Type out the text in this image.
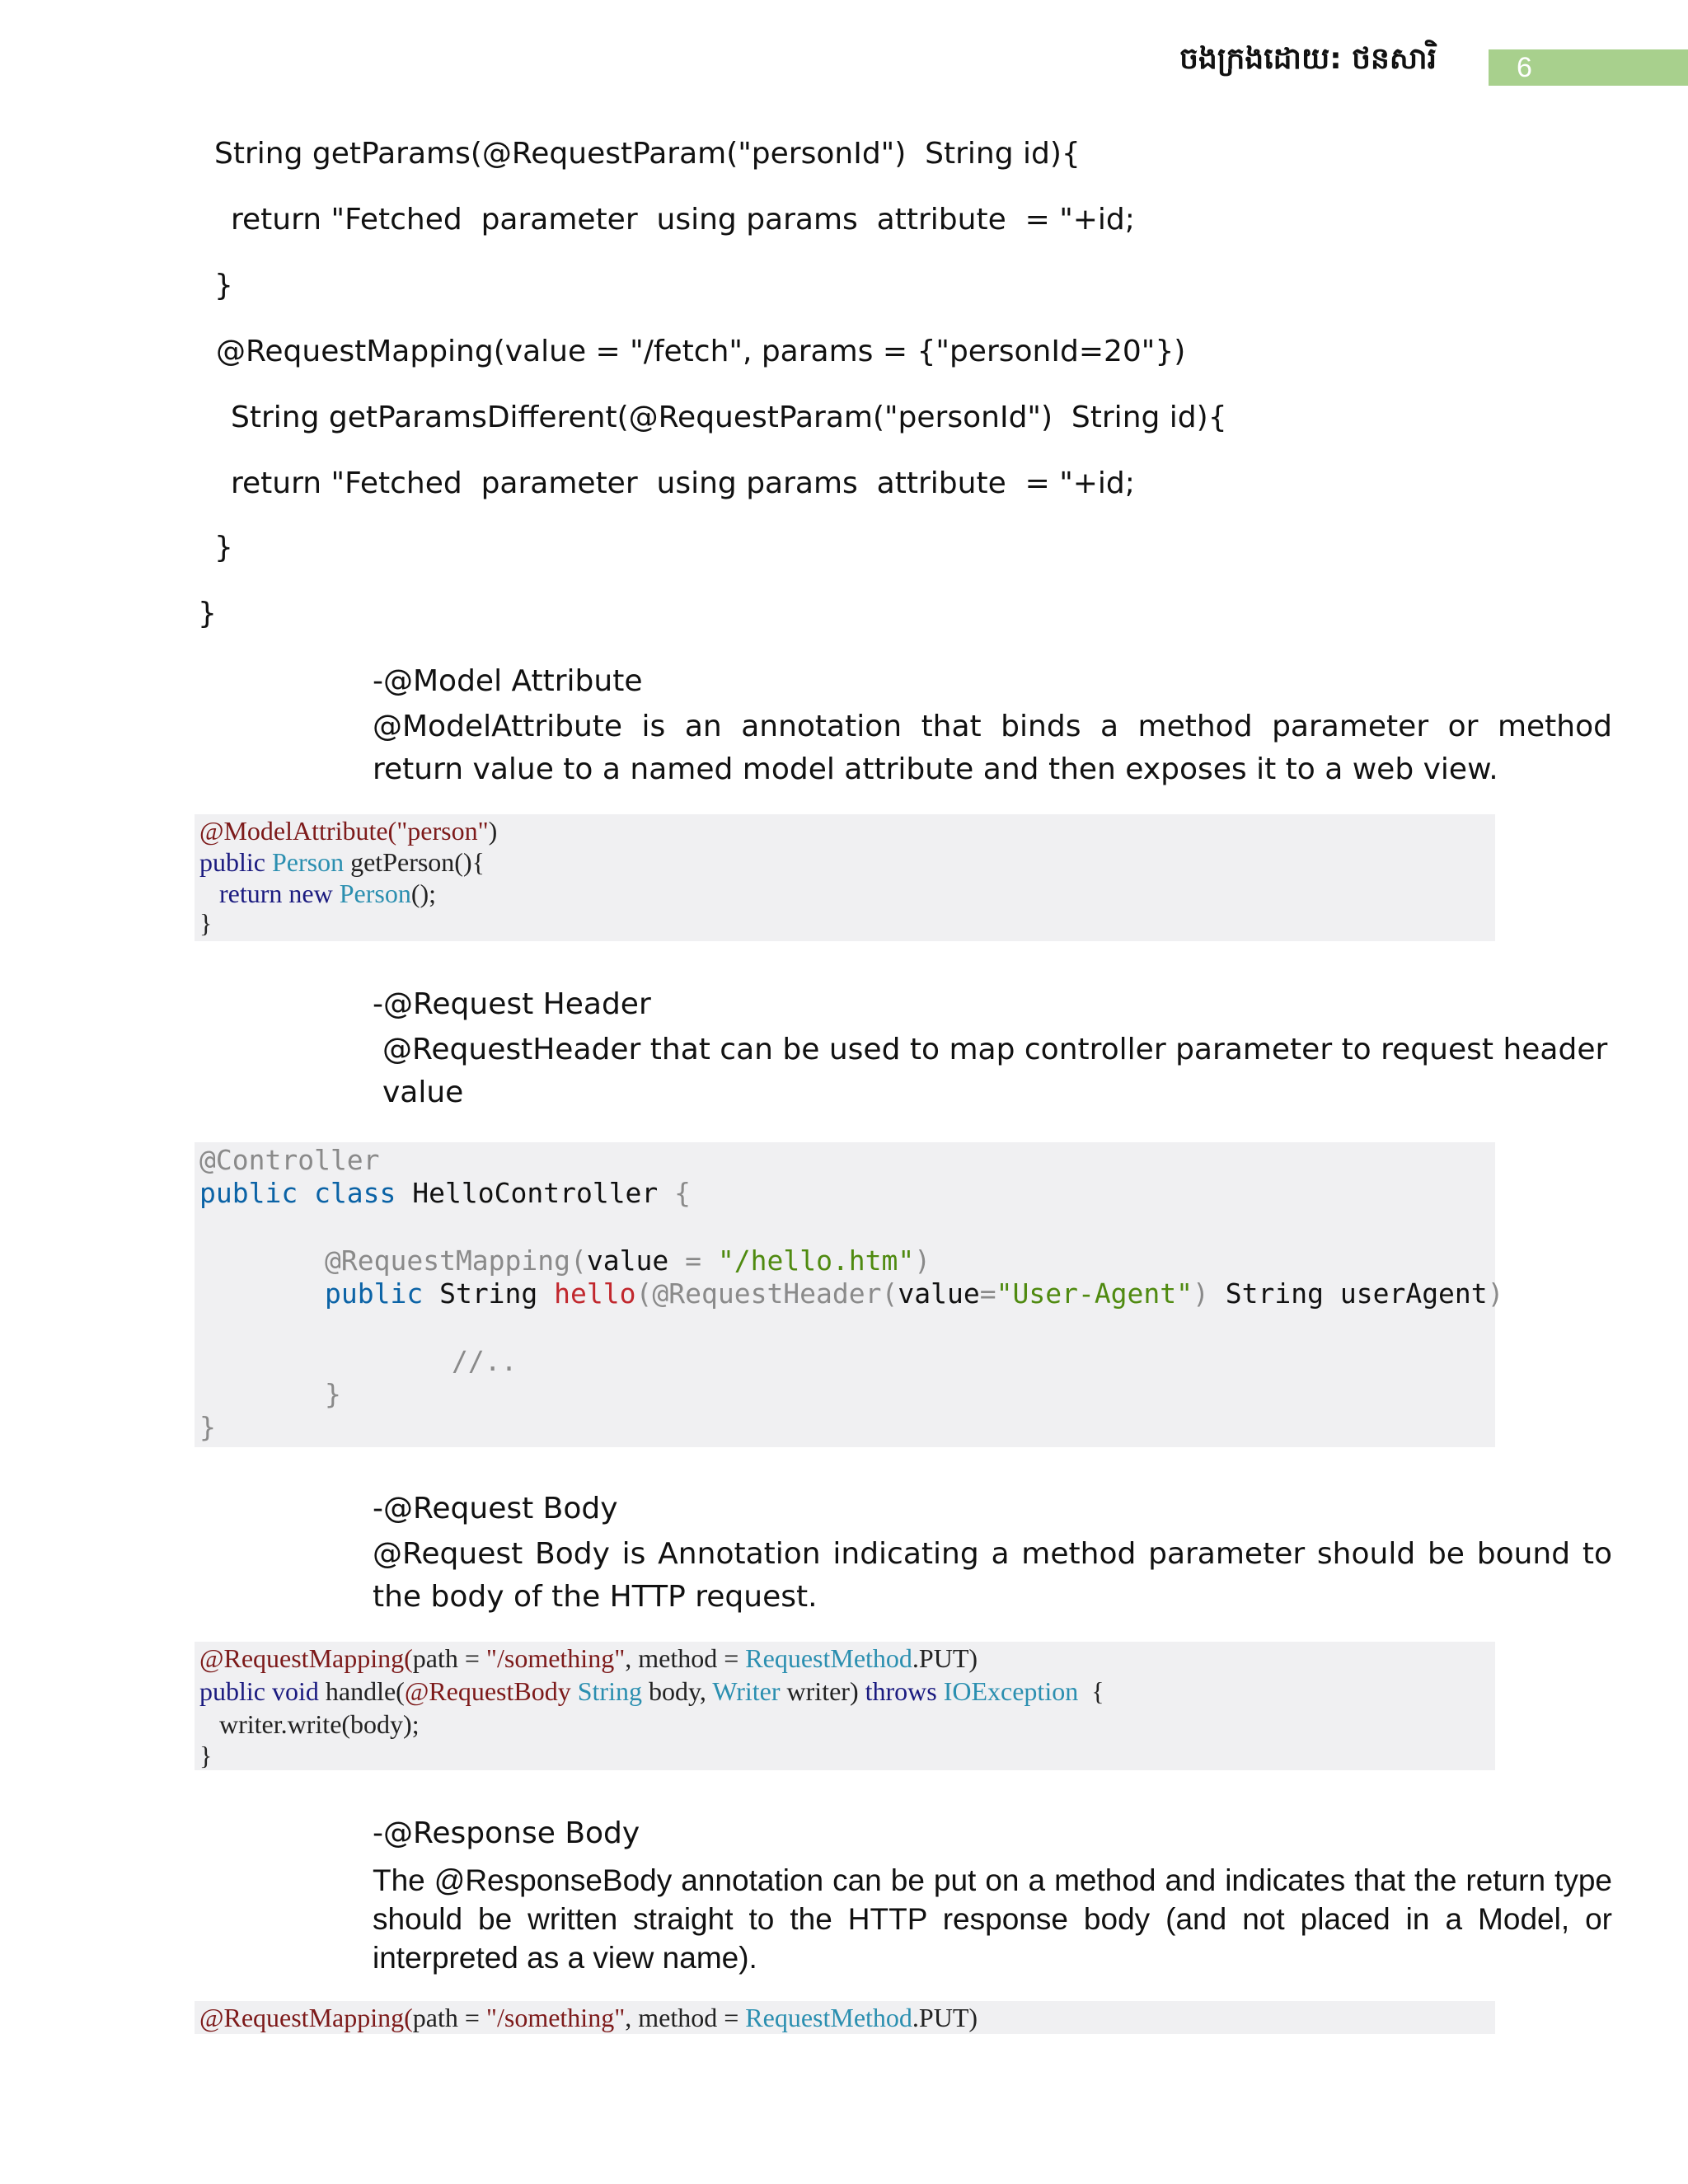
ចងក្រងដោយ: ថនសារិ	6
String getParams(@RequestParam("personId")  String id){
return "Fetched  parameter  using params  attribute  = "+id;
}
@RequestMapping(value = "/fetch", params = {"personId=20"})
String getParamsDifferent(@RequestParam("personId")  String id){
return "Fetched  parameter  using params  attribute  = "+id;
}
}
-@Model Attribute
@ModelAttribute is an annotation that binds a method parameter or method return value to a named model attribute and then exposes it to a web view.
@ModelAttribute("person")
public Person getPerson(){
return new Person();
}
-@Request Header
@RequestHeader that can be used to map controller parameter to request header value
@Controller
public class HelloController {
@RequestMapping(value = "/hello.htm")
public String hello(@RequestHeader(value="User-Agent") String userAgent)
//..
}
}
-@Request Body
@Request Body is Annotation indicating a method parameter should be bound to the body of the HTTP request.
@RequestMapping(path = "/something", method = RequestMethod.PUT)
public void handle(@RequestBody String body, Writer writer) throws IOException  {
writer.write(body);
}
-@Response Body
The @ResponseBody annotation can be put on a method and indicates that the return type should be written straight to the HTTP response body (and not placed in a Model, or interpreted as a view name).
@RequestMapping(path = "/something", method = RequestMethod.PUT)
